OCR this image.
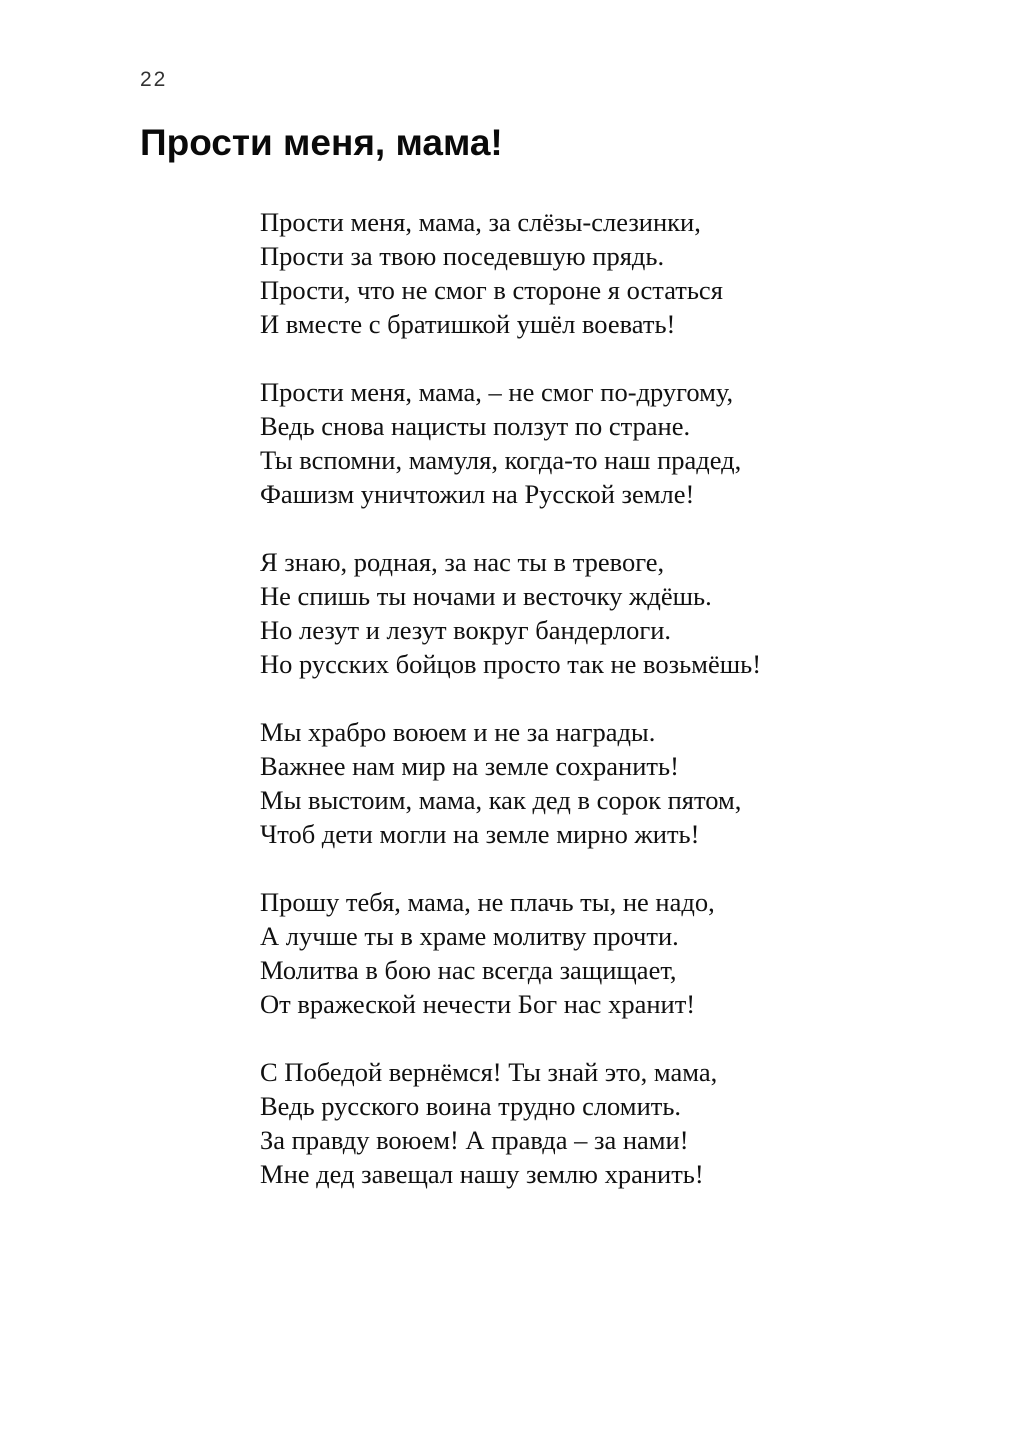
22
Прости меня, мама!
Прости меня, мама, за слёзы-слезинки,
Прости за твою поседевшую прядь.
Прости, что не смог в стороне я остаться
И вместе с братишкой ушёл воевать!
Прости меня, мама, – не смог по-другому,
Ведь снова нацисты ползут по стране.
Ты вспомни, мамуля, когда-то наш прадед,
Фашизм уничтожил на Русской земле!
Я знаю, родная, за нас ты в тревоге,
Не спишь ты ночами и весточку ждёшь.
Но лезут и лезут вокруг бандерлоги.
Но русских бойцов просто так не возьмёшь!
Мы храбро воюем и не за награды.
Важнее нам мир на земле сохранить!
Мы выстоим, мама, как дед в сорок пятом,
Чтоб дети могли на земле мирно жить!
Прошу тебя, мама, не плачь ты, не надо,
А лучше ты в храме молитву прочти.
Молитва в бою нас всегда защищает,
От вражеской нечести Бог нас хранит!
С Победой вернёмся! Ты знай это, мама,
Ведь русского воина трудно сломить.
За правду воюем! А правда – за нами!
Мне дед завещал нашу землю хранить!
